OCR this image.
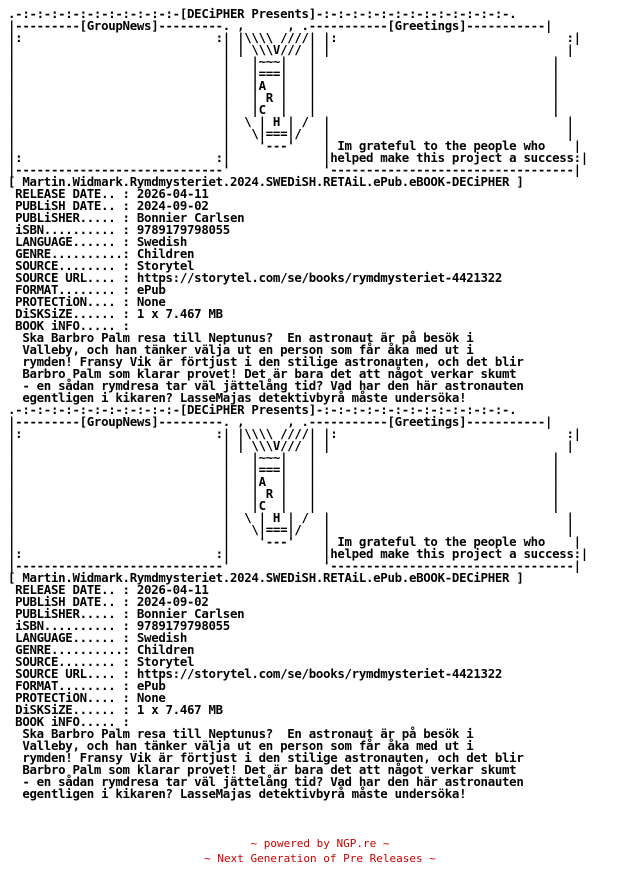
.-:-:-:-:-:-:-:-:-:-:-:-[DECiPHER Presents]-:-:-:-:-:-:-:-:-:-:-:-:-:-.
|---------[GroupNews]---------. ,      , .-----------[Greetings]-----------|
|:                           :| |\\\\ ////| |:                                :|
|                             | | \\\V/// | |                                 |
|                             |   |~~~|   |                                 |
|                             |   |===|   |                                 |
|                             |   |A  |   |                                 |
|                             |   | R |   |                                 |
|                             |   |C  |   |                                 |
|                             |  \ | H | /  |                                 |
|                             |   \|===|/   |                                 |
|                             |    '---'    | Im grateful to the people who    |
|:                           :|             |helped make this project a success:|
|-----------------------------'             '----------------------------------|
[ Martin.Widmark.Rymdmysteriet.2024.SWEDiSH.RETAiL.ePub.eBOOK-DECiPHER ]
RELEASE DATE.. : 2026-04-11
PUBLiSH DATE.. : 2024-09-02
PUBLiSHER..... : Bonnier Carlsen
iSBN.......... : 9789179798055
LANGUAGE...... : Swedish
GENRE..........: Children
SOURCE........ : Storytel
SOURCE URL.... : https://storytel.com/se/books/rymdmysteriet-4421322
FORMAT........ : ePub
PROTECTiON.... : None
DiSKSiZE...... : 1 x 7.467 MB
BOOK iNFO..... :
Ska Barbro Palm resa till Neptunus?  En astronaut är på besök i
Valleby, och han tänker välja ut en person som får åka med ut i
rymden! Fransy Vik är förtjust i den stilige astronauten, och det blir
Barbro Palm som klarar provet! Det är bara det att något verkar skumt
- en sådan rymdresa tar väl jättelång tid? Vad har den här astronauten
egentligen i kikaren? LasseMajas detektivbyrå måste undersöka!
.-:-:-:-:-:-:-:-:-:-:-:-[DECiPHER Presents]-:-:-:-:-:-:-:-:-:-:-:-:-:-.
|---------[GroupNews]---------. ,      , .-----------[Greetings]-----------|
|:                           :| |\\\\ ////| |:                                :|
|                             | | \\\V/// | |                                 |
|                             |   |~~~|   |                                 |
|                             |   |===|   |                                 |
|                             |   |A  |   |                                 |
|                             |   | R |   |                                 |
|                             |   |C  |   |                                 |
|                             |  \ | H | /  |                                 |
|                             |   \|===|/   |                                 |
|                             |    '---'    | Im grateful to the people who    |
|:                           :|             |helped make this project a success:|
|-----------------------------'             '----------------------------------|
[ Martin.Widmark.Rymdmysteriet.2024.SWEDiSH.RETAiL.ePub.eBOOK-DECiPHER ]
RELEASE DATE.. : 2026-04-11
PUBLiSH DATE.. : 2024-09-02
PUBLiSHER..... : Bonnier Carlsen
iSBN.......... : 9789179798055
LANGUAGE...... : Swedish
GENRE..........: Children
SOURCE........ : Storytel
SOURCE URL.... : https://storytel.com/se/books/rymdmysteriet-4421322
FORMAT........ : ePub
PROTECTiON.... : None
DiSKSiZE...... : 1 x 7.467 MB
BOOK iNFO..... :
Ska Barbro Palm resa till Neptunus?  En astronaut är på besök i
Valleby, och han tänker välja ut en person som får åka med ut i
rymden! Fransy Vik är förtjust i den stilige astronauten, och det blir
Barbro Palm som klarar provet! Det är bara det att något verkar skumt
- en sådan rymdresa tar väl jättelång tid? Vad har den här astronauten
egentligen i kikaren? LasseMajas detektivbyrå måste undersöka!
~ powered by NGP.re ~
~ Next Generation of Pre Releases ~
